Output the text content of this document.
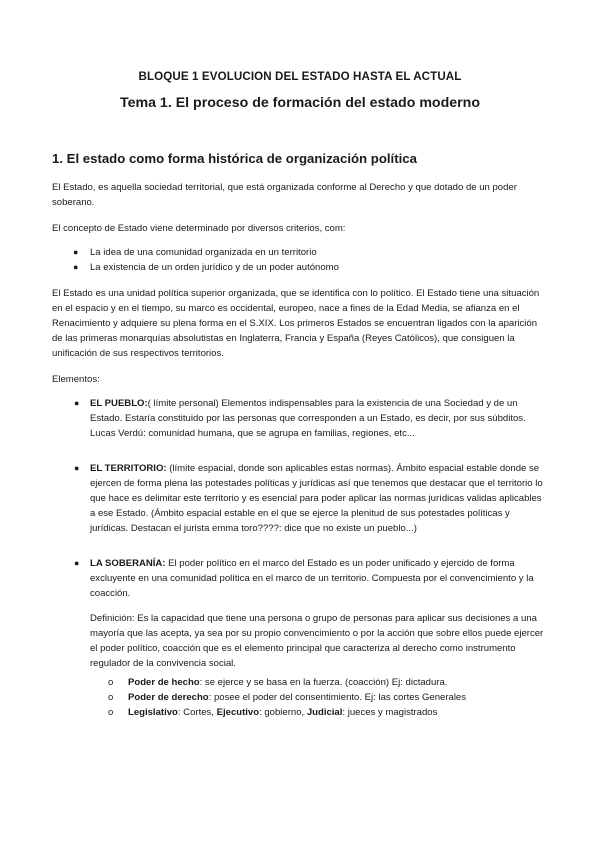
BLOQUE 1 EVOLUCION DEL ESTADO HASTA EL ACTUAL
Tema 1. El proceso de formación del estado moderno
1. El estado como forma histórica de organización política

El Estado, es aquella sociedad territorial, que está organizada conforme al Derecho y que dotado de un poder soberano.

El concepto de Estado viene determinado por diversos criterios, com:

● La idea de una comunidad organizada en un territorio
● La existencia de un orden jurídico y de un poder autónomo

El Estado es una unidad política superior organizada, que se identifica con lo político. El Estado tiene una situación en el espacio y en el tiempo, su marco es occidental, europeo, nace a fines de la Edad Media, se afianza en el Renacimiento y adquiere su plena forma en el S.XIX. Los primeros Estados se encuentran ligados con la aparición de las primeras monarquías absolutistas en Inglaterra, Francia y España (Reyes Católicos), que consiguen la unificación de sus respectivos territorios.

Elementos:

● EL PUEBLO:( límite personal) Elementos indispensables para la existencia de una Sociedad y de un Estado. Estaría constituido por las personas que corresponden a un Estado, es decir, por sus súbditos. Lucas Verdú: comunidad humana, que se agrupa en familias, regiones, etc...

● EL TERRITORIO: (límite espacial, donde son aplicables estas normas). Ámbito espacial estable donde se ejercen de forma plena las potestades políticas y jurídicas así que tenemos que destacar que el territorio lo que hace es delimitar este territorio y es esencial para poder aplicar las normas jurídicas validas aplicables a ese Estado. (Ámbito espacial estable en el que se ejerce la plenitud de sus potestades políticas y jurídicas. Destacan el jurista emma toro????: dice que no existe un pueblo...)

● LA SOBERANÍA: El poder político en el marco del Estado es un poder unificado y ejercido de forma excluyente en una comunidad política en el marco de un territorio. Compuesta por el convencimiento y la coacción.

Definición: Es la capacidad que tiene una persona o grupo de personas para aplicar sus decisiones a una mayoría que las acepta, ya sea por su propio convencimiento o por la acción que sobre ellos puede ejercer el poder político, coacción que es el elemento principal que caracteriza al derecho como instrumento regulador de la convivencia social.

o Poder de hecho: se ejerce y se basa en la fuerza. (coacción) Ej: dictadura.
o Poder de derecho: posee el poder del consentimiento. Ej: las cortes Generales
o Legislativo: Cortes, Ejecutivo: gobierno, Judicial: jueces y magistrados
